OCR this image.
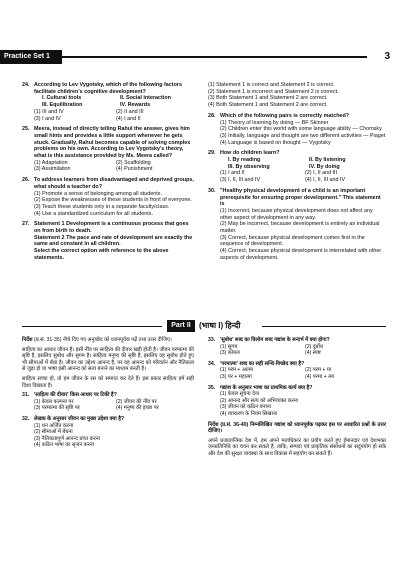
Practice Set 1	3
24. According to Lev Vygotsky, which of the following factors facilitate children's cognitive development?
I. Cultural tools	II. Social interaction
III. Equilibration	IV. Rewards
(1) III and IV	(2) II and III
(3) I and IV	(4) I and II
25. Meera, instead of directly telling Rahul the answer, gives him small hints and provides a little support whenever he gets stuck. Gradually, Rahul becomes capable of solving complex problems on his own. According to Lev Vygotsky's theory, what is this assistance provided by Ms. Meera called?
(1) Adaptation	(2) Scaffolding
(3) Assimilation	(4) Punishment
26. To address learners from disadvantaged and deprived groups, what should a teacher do?
(1) Promote a sense of belonging among all students.
(2) Expose the weaknesses of these students in front of everyone.
(3) Teach these students only in a separate faculty/class.
(4) Use a standardized curriculum for all students.
27. Statement 1 Development is a continuous process that goes on from birth to death.
Statement 2 The pace and rate of development are exactly the same and constant in all children.
Select the correct option with reference to the above statements.
(1) Statement 1 is correct and Statement 2 is correct.
(2) Statement 1 is incorrect and Statement 2 is correct.
(3) Both Statement 1 and Statement 2 are correct.
(4) Both Statement 1 and Statement 2 are correct.
28. Which of the following pairs is correctly matched?
(1) Theory of learning by doing — BF Skinner
(2) Children enter this world with some language ability — Chomsky
(3) Initially, language and thought are two different activities — Piaget
(4) Language is based on thought — Vygotsky
29. How do children learn?
I. By reading	II. By listening
III. By observing	IV. By doing
(1) I and II	(2) I, II and III
(3) I, II, III and IV	(4) I, II, III and IV
30. "Healthy physical development of a child is an important prerequisite for ensuring proper development." This statement is
(1) Incorrect, because physical development does not affect any other aspect of development in any way.
(2) May be incorrect, because development is entirely an individual matter.
(3) Correct, because physical development comes first in the sequence of development.
(4) Correct, because physical development is interrelated with other aspects of development.
Part II	(भाषा I) हिन्दी
निर्देश (प्र.सं. 31-35) नीचे दिए गए अनुच्छेद को ध्यानपूर्वक पढ़ें तथा उत्तर दीजिए।
साहित्य का आधार जीवन है। इसी नींव पर साहित्य की दीवार खड़ी होती है। जीवन परमात्मा की सृष्टि है, इसलिए सुबोध और सुगम है। साहित्य मनुष्य की सृष्टि है, इसलिए वह सुबोध होते हुए भी सीमाओं में बँधा है। जीवन का उद्देश्य आनन्द है, पर वह आनन्द को परिवर्तन और नैतिकता से जुड़ा हो या भाषा इसी आनन्द को सत्य बनाने का माध्यम बनती है।
साहित्य सच्चा हो, तो हम जीवन के रस को समाप्त कर देते हैं। इस प्रकार साहित्य हमें सही दिशा दिखाता है।
31. 'साहित्य की दीवार' किस आधार पर टिकी है?
(1) केवल कल्पना पर	(2) जीवन की नींव पर
(3) परमात्मा की सृष्टि पर	(4) मनुष्य की इच्छा पर
32. लेखक के अनुसार जीवन का मुख्य उद्देश्य क्या है?
(1) धन अर्जित करना
(2) सीमाओं में बँधना
(3) नैतिकतापूर्ण आनन्द प्राप्त करना
(4) कठिन भाषा का सृजन करना
33. 'सुबोध' शब्द का विलोम शब्द गद्यांश के सन्दर्भ में क्या होगा?
(1) सुगम	(2) दुर्बोध
(3) कोमल	(4) स्पष्ट
34. 'परमात्मा' शब्द का सही सन्धि-विच्छेद क्या है?
(1) परम + आत्मा	(2) परम + मा
(3) पर + महात्मा	(4) परमा + त्मा
35. गद्यांश के अनुसार भाषा का प्राथमिक कार्य क्या है?
(1) केवल सूचना देना
(2) आनन्द और सत्य को अभिव्यक्त करना
(3) जीवन को कठिन बनाना
(4) व्याकरण के नियम सिखाना
निर्देश (प्र.सं. 36-40) निम्नलिखित गद्यांश को ध्यानपूर्वक पढ़कर इस पर आधारित प्रश्नों के उत्तर दीजिए।
अपने प्रजातान्त्रिक देश में, हम अपने मताधिकार का प्रयोग करते हुए ईमानदार एवं देशभक्त जनप्रतिनिधि का चयन कर सकते हैं, ताकि, सम्पदा एवं प्राकृतिक संसाधनों का सदुपयोग हो सके और देश की सुरक्षा व्यवस्था के साथ विकास में सहयोग कर सकते हैं।
